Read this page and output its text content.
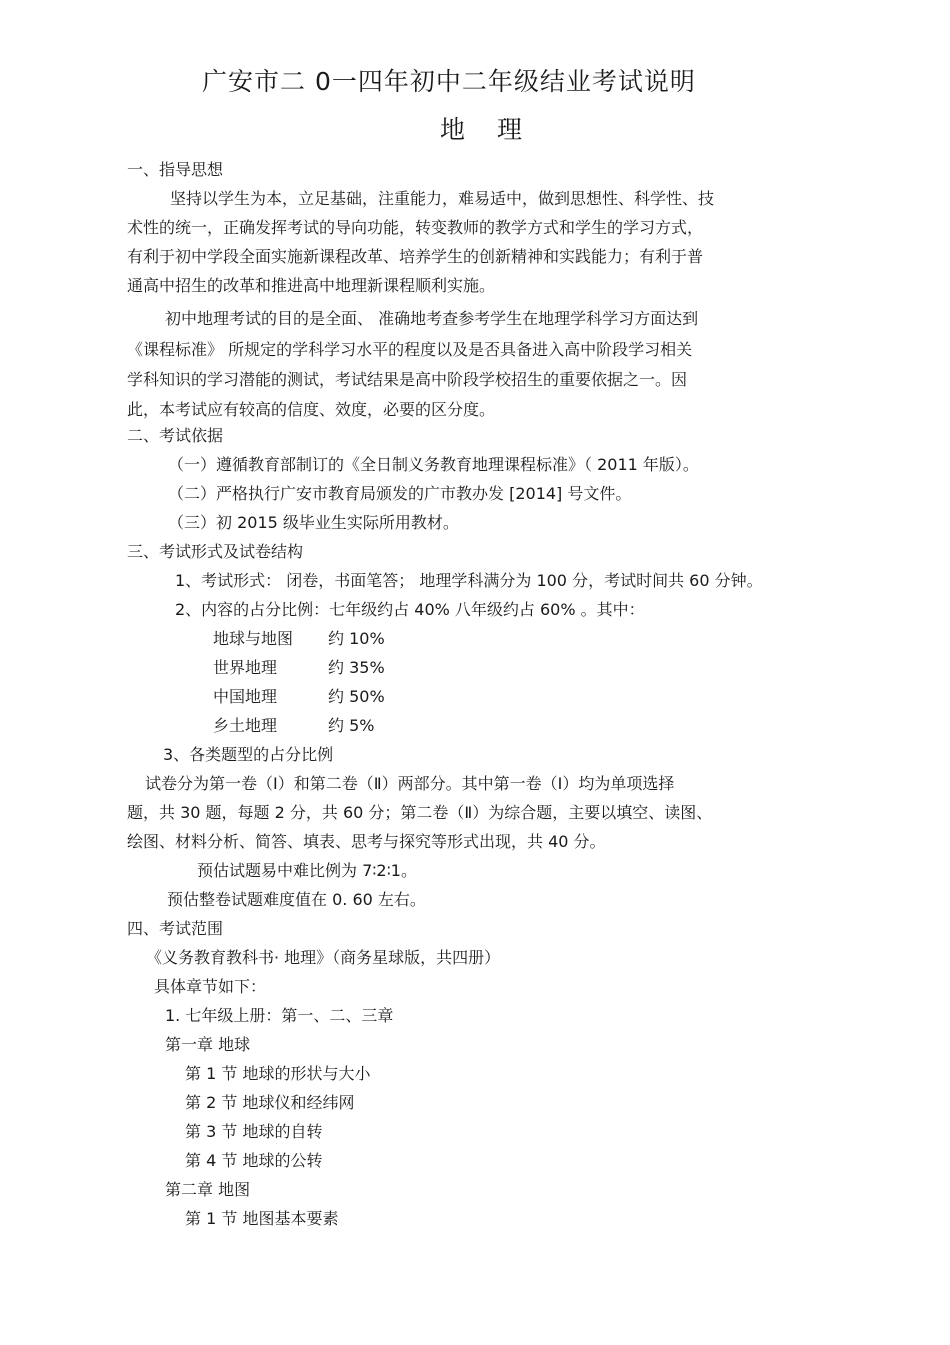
广安市二 0一四年初中二年级结业考试说明
地 理
一、指导思想
坚持以学生为本，立足基础，注重能力，难易适中，做到思想性、科学性、技
术性的统一，正确发挥考试的导向功能，转变教师的教学方式和学生的学习方式，
有利于初中学段全面实施新课程改革、培养学生的创新精神和实践能力；有利于普
通高中招生的改革和推进高中地理新课程顺利实施。
初中地理考试的目的是全面、 准确地考查参考学生在地理学科学习方面达到
《课程标准》 所规定的学科学习水平的程度以及是否具备进入高中阶段学习相关
学科知识的学习潜能的测试，考试结果是高中阶段学校招生的重要依据之一。因
此，本考试应有较高的信度、效度，必要的区分度。
二、考试依据
（一）遵循教育部制订的《全日制义务教育地理课程标准》（ 2011 年版）。
（二）严格执行广安市教育局颁发的广市教办发 [2014] 号文件。
（三）初 2015 级毕业生实际所用教材。
三、考试形式及试卷结构
1、考试形式： 闭卷，书面笔答； 地理学科满分为 100 分，考试时间共 60 分钟。
2、内容的占分比例：七年级约占 40% 八年级约占 60% 。其中：
地球与地图 约 10%
世界地理	约 35%
中国地理	约 50%
乡土地理	约 5%
3、各类题型的占分比例
试卷分为第一卷（Ⅰ）和第二卷（Ⅱ）两部分。其中第一卷（Ⅰ）均为单项选择
题，共 30 题，每题 2 分，共 60 分；第二卷（Ⅱ）为综合题，主要以填空、读图、
绘图、材料分析、简答、填表、思考与探究等形式出现，共 40 分。
预估试题易中难比例为 7∶2∶1。
预估整卷试题难度值在 0. 60 左右。
四、考试范围
《义务教育教科书· 地理》（商务星球版，共四册）
具体章节如下：
1. 七年级上册：第一、二、三章
第一章 地球
第 1 节 地球的形状与大小
第 2 节 地球仪和经纬网
第 3 节 地球的自转
第 4 节 地球的公转
第二章 地图
第 1 节 地图基本要素
